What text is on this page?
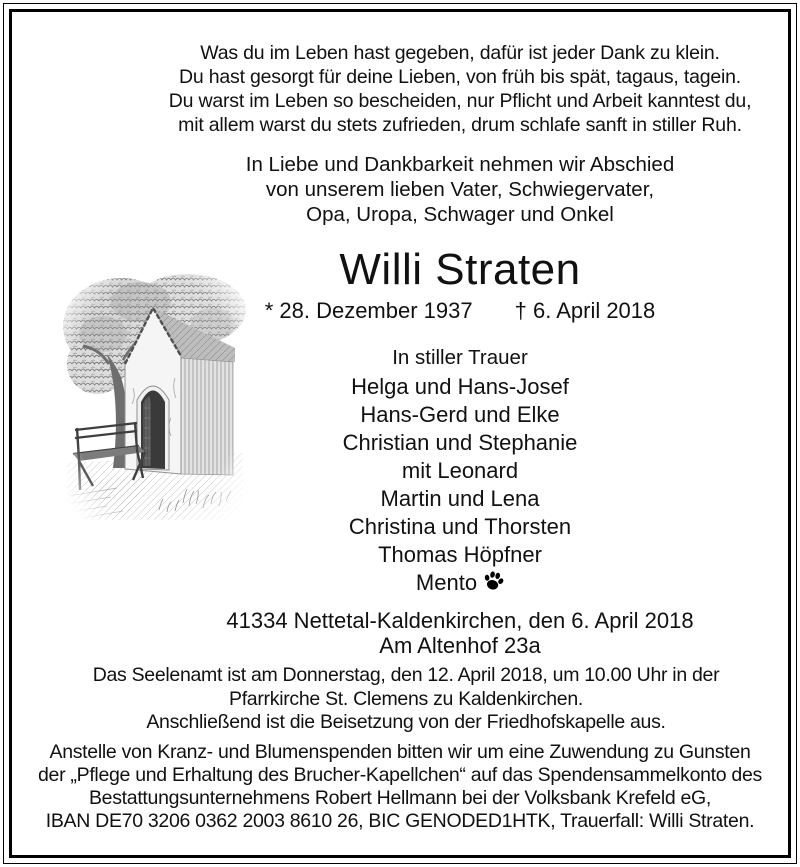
Was du im Leben hast gegeben, dafür ist jeder Dank zu klein.
Du hast gesorgt für deine Lieben, von früh bis spät, tagaus, tagein.
Du warst im Leben so bescheiden, nur Pflicht und Arbeit kanntest du,
mit allem warst du stets zufrieden, drum schlafe sanft in stiller Ruh.
In Liebe und Dankbarkeit nehmen wir Abschied
von unserem lieben Vater, Schwiegervater,
Opa, Uropa, Schwager und Onkel
Willi Straten
* 28. Dezember 1937 † 6. April 2018
In stiller Trauer
Helga und Hans-Josef
Hans-Gerd und Elke
Christian und Stephanie
mit Leonard
Martin und Lena
Christina und Thorsten
Thomas Höpfner
Mento
41334 Nettetal-Kaldenkirchen, den 6. April 2018
Am Altenhof 23a
Das Seelenamt ist am Donnerstag, den 12. April 2018, um 10.00 Uhr in der
Pfarrkirche St. Clemens zu Kaldenkirchen.
Anschließend ist die Beisetzung von der Friedhofskapelle aus.
Anstelle von Kranz- und Blumenspenden bitten wir um eine Zuwendung zu Gunsten
der „Pflege und Erhaltung des Brucher-Kapellchen“ auf das Spendensammelkonto des
Bestattungsunternehmens Robert Hellmann bei der Volksbank Krefeld eG,
IBAN DE70 3206 0362 2003 8610 26, BIC GENODED1HTK, Trauerfall: Willi Straten.
